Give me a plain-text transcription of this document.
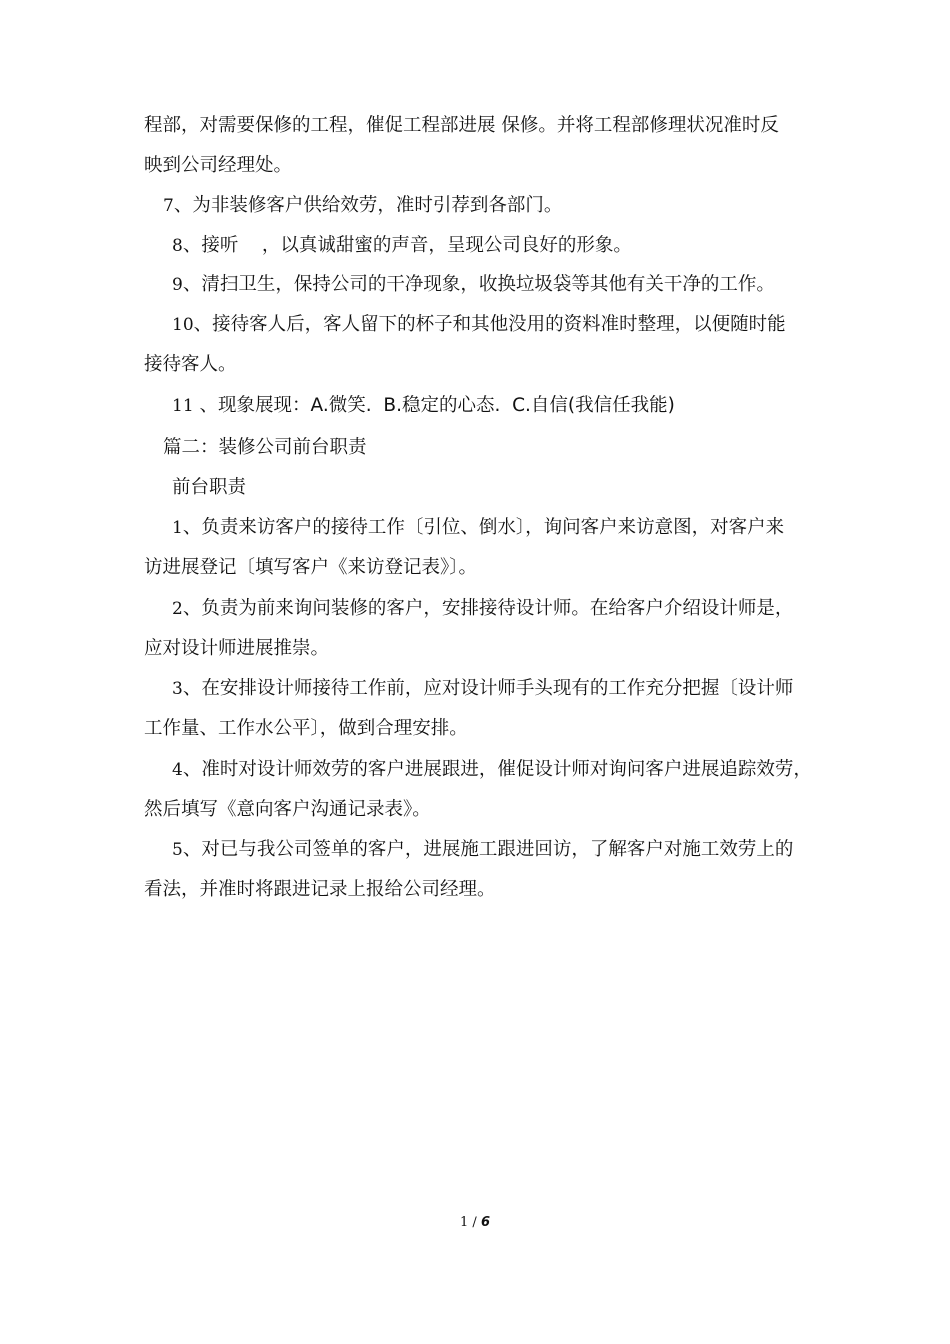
程部，对需要保修的工程，催促工程部进展 保修。并将工程部修理状况准时反
映到公司经理处。
7、为非装修客户供给效劳，准时引荐到各部门。
8、接听    ，以真诚甜蜜的声音，呈现公司良好的形象。
9、清扫卫生，保持公司的干净现象，收换垃圾袋等其他有关干净的工作。
10、接待客人后，客人留下的杯子和其他没用的资料准时整理，以便随时能
接待客人。
11 、现象展现：A.微笑.  B.稳定的心态.  C.自信(我信任我能)
篇二：装修公司前台职责
前台职责
1、负责来访客户的接待工作〔引位、倒水〕，询问客户来访意图，对客户来
访进展登记〔填写客户《来访登记表》〕。
2、负责为前来询问装修的客户，安排接待设计师。在给客户介绍设计师是，
应对设计师进展推崇。
3、在安排设计师接待工作前，应对设计师手头现有的工作充分把握〔设计师
工作量、工作水公平〕，做到合理安排。
4、准时对设计师效劳的客户进展跟进，催促设计师对询问客户进展追踪效劳，
然后填写《意向客户沟通记录表》。
5、对已与我公司签单的客户，进展施工跟进回访，了解客户对施工效劳上的
看法，并准时将跟进记录上报给公司经理。
1 / 6
